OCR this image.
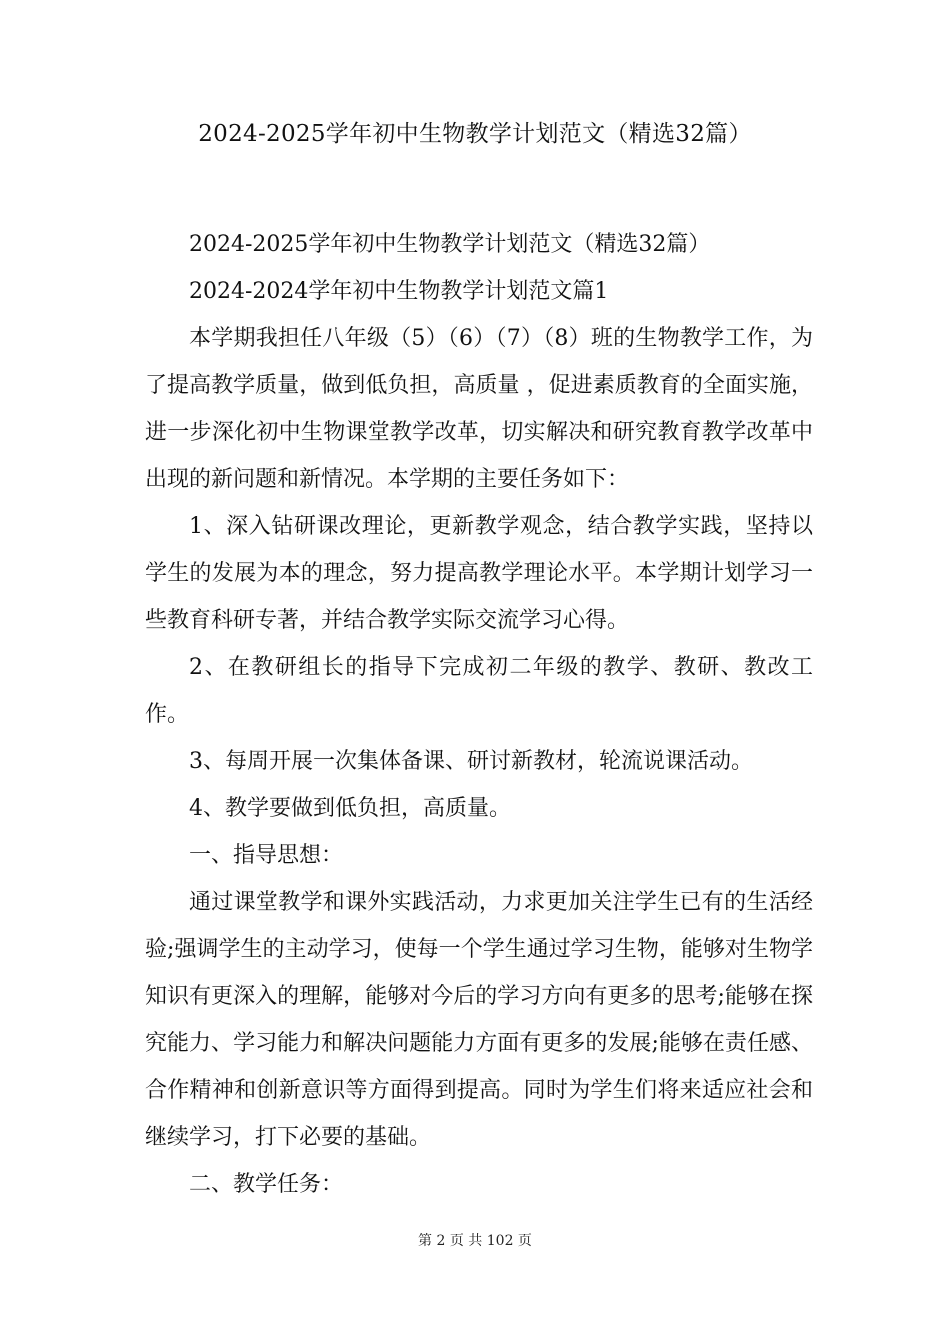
2024-2025学年初中生物教学计划范文（精选32篇）

2024-2025学年初中生物教学计划范文（精选32篇）

2024-2024学年初中生物教学计划范文篇1

本学期我担任八年级（5）（6）（7）（8）班的生物教学工作，为了提高教学质量，做到低负担，高质量 ，促进素质教育的全面实施，进一步深化初中生物课堂教学改革，切实解决和研究教育教学改革中出现的新问题和新情况。本学期的主要任务如下：

1、深入钻研课改理论，更新教学观念，结合教学实践，坚持以学生的发展为本的理念，努力提高教学理论水平。本学期计划学习一些教育科研专著，并结合教学实际交流学习心得。

2、在教研组长的指导下完成初二年级的教学、教研、教改工作。

3、每周开展一次集体备课、研讨新教材，轮流说课活动。

4、教学要做到低负担，高质量。

一、指导思想：

通过课堂教学和课外实践活动，力求更加关注学生已有的生活经验;强调学生的主动学习，使每一个学生通过学习生物，能够对生物学知识有更深入的理解，能够对今后的学习方向有更多的思考;能够在探究能力、学习能力和解决问题能力方面有更多的发展;能够在责任感、合作精神和创新意识等方面得到提高。同时为学生们将来适应社会和继续学习，打下必要的基础。

二、教学任务：

第 2 页 共 102 页
